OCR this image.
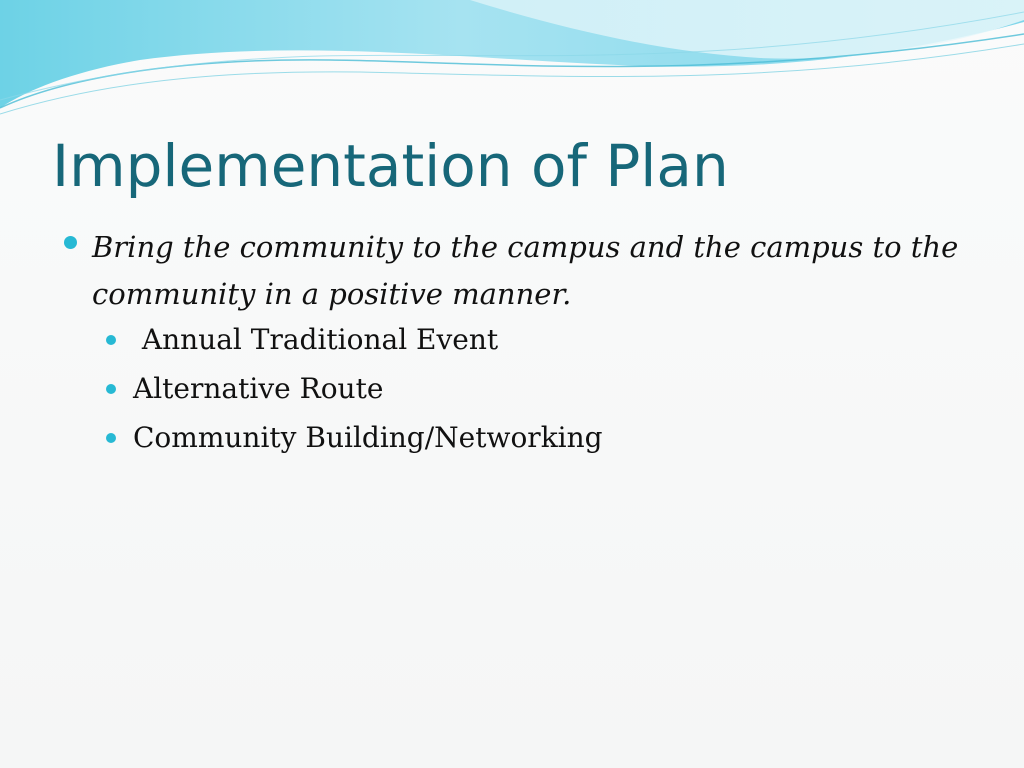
Implementation of Plan
Bring the community to the campus and the campus to the community in a positive manner.
Annual Traditional Event
Alternative Route
Community Building/Networking
